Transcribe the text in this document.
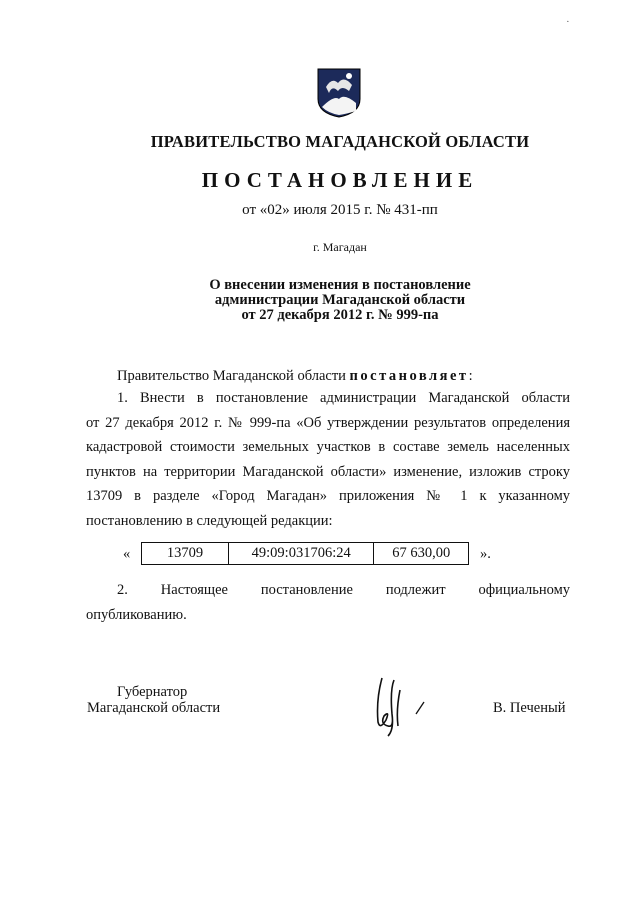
·
ПРАВИТЕЛЬСТВО МАГАДАНСКОЙ ОБЛАСТИ
ПОСТАНОВЛЕНИЕ
от «02» июля 2015 г. № 431-пп
г. Магадан
О внесении изменения в постановление
администрации Магаданской области
от 27 декабря 2012 г. № 999-па
Правительство Магаданской области постановляет:
1. Внести в постановление администрации Магаданской области
от 27 декабря 2012 г. № 999-па «Об утверждении результатов определения кадастровой стоимости земельных участков в составе земель населенных пунктов на территории Магаданской области» изменение, изложив строку 13709 в разделе «Город Магадан» приложения № 1 к указанному постановлению в следующей редакции:
«	13709	49:09:031706:24	67 630,00 ».
2. Настоящее постановление подлежит официальному
опубликованию.
Губернатор
Магаданской области	В. Печеный
